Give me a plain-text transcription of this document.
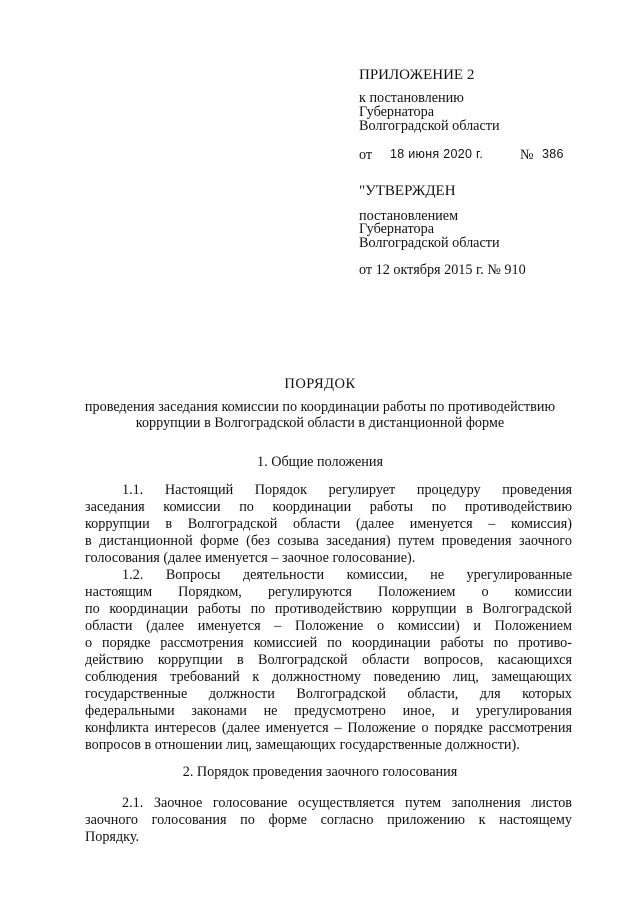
ПРИЛОЖЕНИЕ 2
к постановлению
Губернатора
Волгоградской области
от 18 июня 2020 г.	№ 386
"УТВЕРЖДЕН
постановлением
Губернатора
Волгоградской области
от 12 октября 2015 г. № 910
ПОРЯДОК
проведения заседания комиссии по координации работы по противодействию
коррупции в Волгоградской области в дистанционной форме
1. Общие положения
1.1. Настоящий Порядок регулирует процедуру проведения
заседания комиссии по координации работы по противодействию
коррупции в Волгоградской области (далее именуется – комиссия)
в дистанционной форме (без созыва заседания) путем проведения заочного
голосования (далее именуется – заочное голосование).
1.2. Вопросы деятельности комиссии, не урегулированные
настоящим Порядком, регулируются Положением о комиссии
по координации работы по противодействию коррупции в Волгоградской
области (далее именуется – Положение о комиссии) и Положением
о порядке рассмотрения комиссией по координации работы по противо-
действию коррупции в Волгоградской области вопросов, касающихся
соблюдения требований к должностному поведению лиц, замещающих
государственные должности Волгоградской области, для которых
федеральными законами не предусмотрено иное, и урегулирования
конфликта интересов (далее именуется – Положение о порядке рассмотрения
вопросов в отношении лиц, замещающих государственные должности).
2. Порядок проведения заочного голосования
2.1. Заочное голосование осуществляется путем заполнения листов
заочного голосования по форме согласно приложению к настоящему
Порядку.
